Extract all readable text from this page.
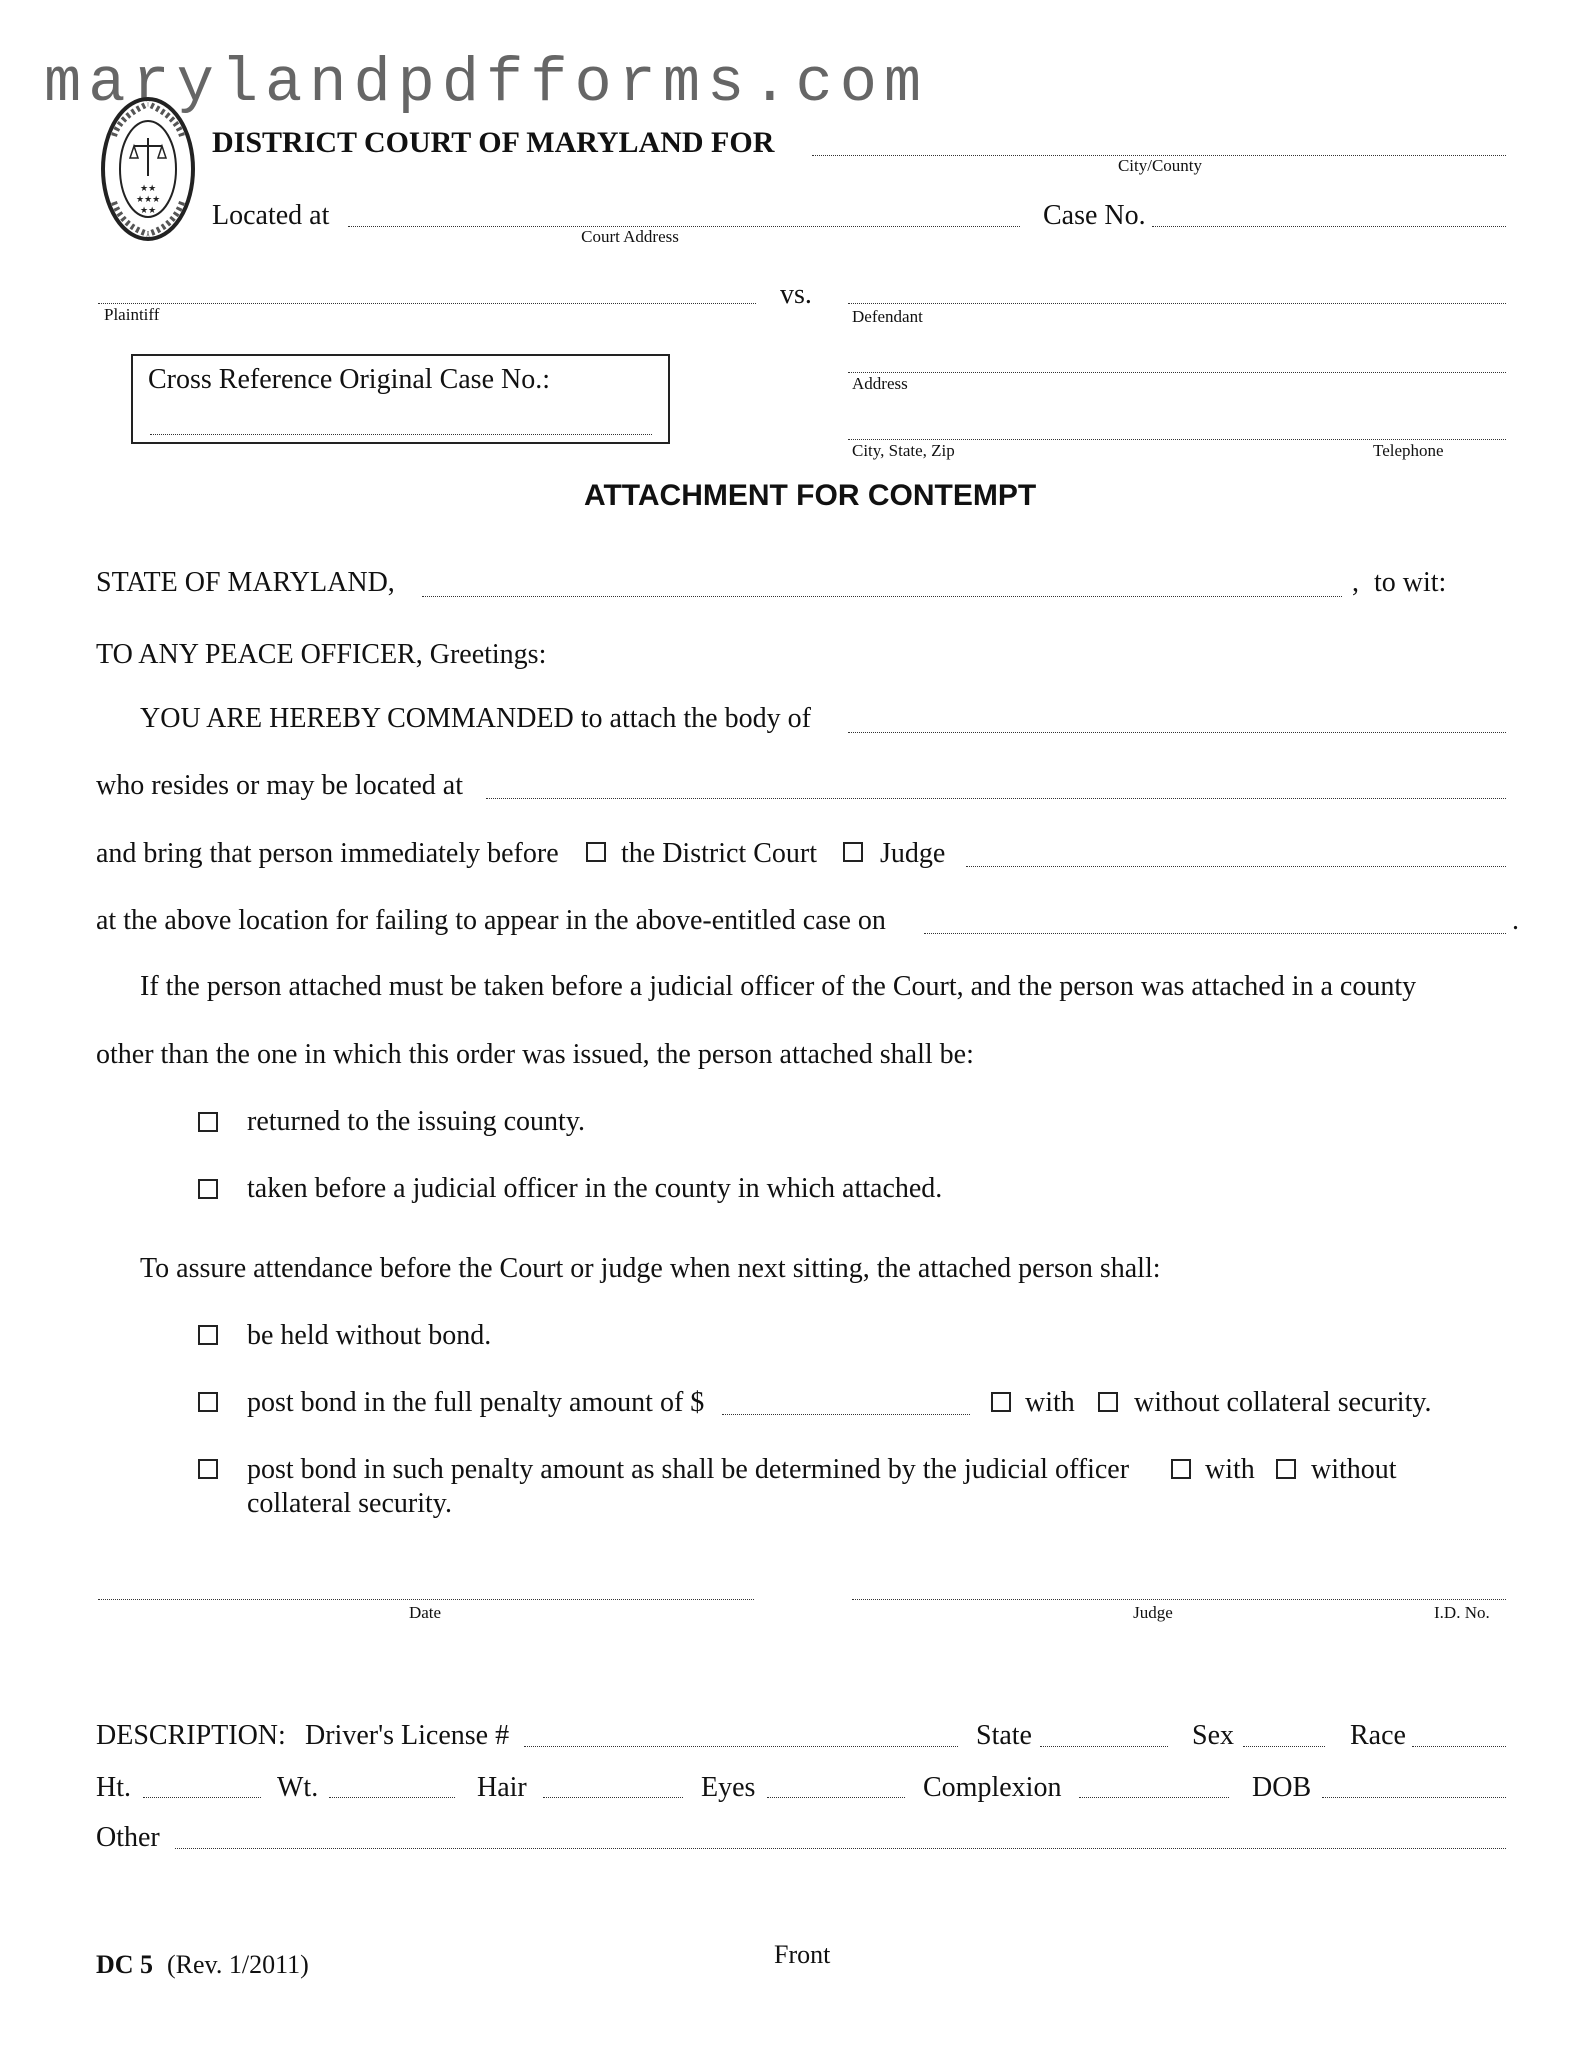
marylandpdfforms.com
★★
★★★
★★
DISTRICT COURT OF MARYLAND FOR
City/County
Located at
Court Address
Case No.
Plaintiff
vs.
Defendant
Address
City, State, Zip	Telephone
Cross Reference Original Case No.:
ATTACHMENT FOR CONTEMPT
STATE OF MARYLAND,	, to wit:
TO ANY PEACE OFFICER, Greetings:
YOU ARE HEREBY COMMANDED to attach the body of
who resides or may be located at
and bring that person immediately before the District Court Judge
at the above location for failing to appear in the above-entitled case on	.
If the person attached must be taken before a judicial officer of the Court, and the person was attached in a county
other than the one in which this order was issued, the person attached shall be:
returned to the issuing county.
taken before a judicial officer in the county in which attached.
To assure attendance before the Court or judge when next sitting, the attached person shall:
be held without bond.
post bond in the full penalty amount of $	with without collateral security.
post bond in such penalty amount as shall be determined by the judicial officer	with without
collateral security.
Date	Judge	I.D. No.
DESCRIPTION: Driver's License #	State	Sex	Race
Ht.	Wt.	Hair	Eyes	Complexion	DOB
Other
DC 5 (Rev. 1/2011)	Front
